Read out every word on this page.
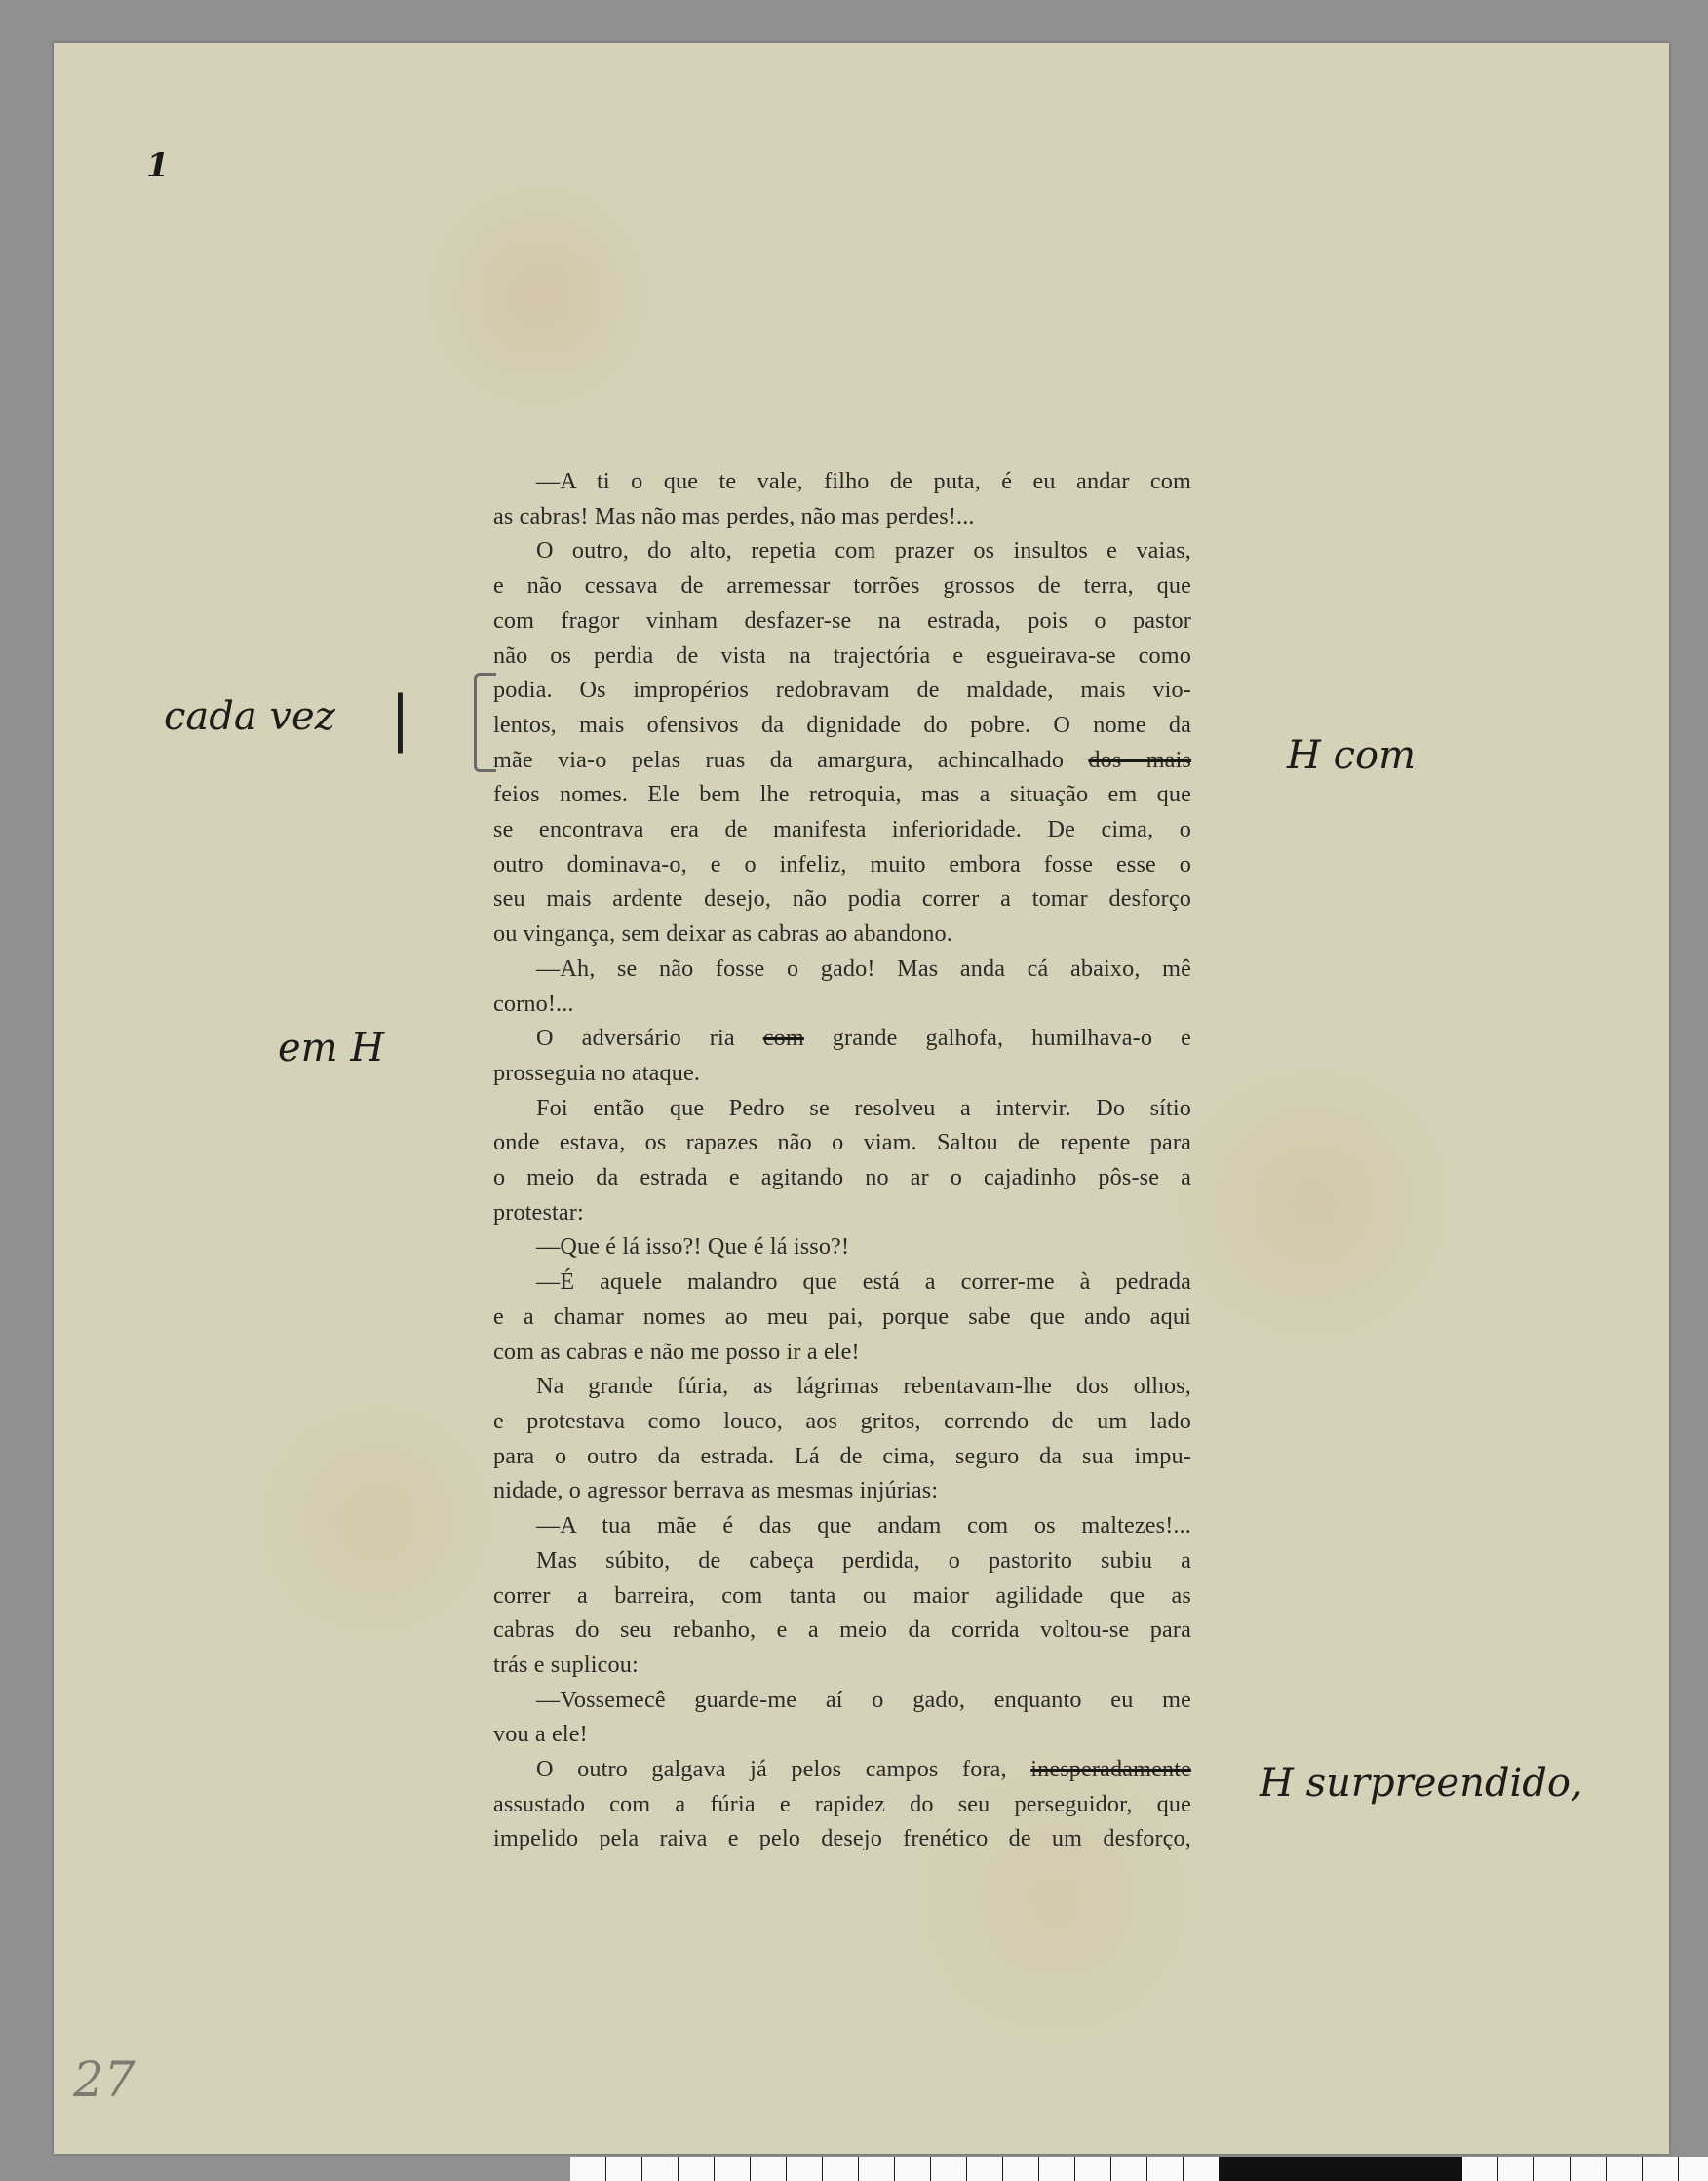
1
cada vez |
H com
em H
H surpreendido,
27

—A ti o que te vale, filho de puta, é eu andar com

as cabras! Mas não mas perdes, não mas perdes!...

O outro, do alto, repetia com prazer os insultos e vaias,

e não cessava de arremessar torrões grossos de terra, que

com fragor vinham desfazer-se na estrada, pois o pastor

não os perdia de vista na trajectória e esgueirava-se como

podia. Os impropérios redobravam de maldade, mais vio-

lentos, mais ofensivos da dignidade do pobre. O nome da

mãe via-o pelas ruas da amargura, achincalhado dos mais

feios nomes. Ele bem lhe retroquia, mas a situação em que

se encontrava era de manifesta inferioridade. De cima, o

outro dominava-o, e o infeliz, muito embora fosse esse o

seu mais ardente desejo, não podia correr a tomar desforço

ou vingança, sem deixar as cabras ao abandono.

—Ah, se não fosse o gado! Mas anda cá abaixo, mê

corno!...

O adversário ria com grande galhofa, humilhava-o e

prosseguia no ataque.

Foi então que Pedro se resolveu a intervir. Do sítio

onde estava, os rapazes não o viam. Saltou de repente para

o meio da estrada e agitando no ar o cajadinho pôs-se a

protestar:

—Que é lá isso?! Que é lá isso?!

—É aquele malandro que está a correr-me à pedrada

e a chamar nomes ao meu pai, porque sabe que ando aqui

com as cabras e não me posso ir a ele!

Na grande fúria, as lágrimas rebentavam-lhe dos olhos,

e protestava como louco, aos gritos, correndo de um lado

para o outro da estrada. Lá de cima, seguro da sua impu-

nidade, o agressor berrava as mesmas injúrias:

—A tua mãe é das que andam com os maltezes!...

Mas súbito, de cabeça perdida, o pastorito subiu a

correr a barreira, com tanta ou maior agilidade que as

cabras do seu rebanho, e a meio da corrida voltou-se para

trás e suplicou:

—Vossemecê guarde-me aí o gado, enquanto eu me

vou a ele!

O outro galgava já pelos campos fora, inesperadamente

assustado com a fúria e rapidez do seu perseguidor, que

impelido pela raiva e pelo desejo frenético de um desforço,
